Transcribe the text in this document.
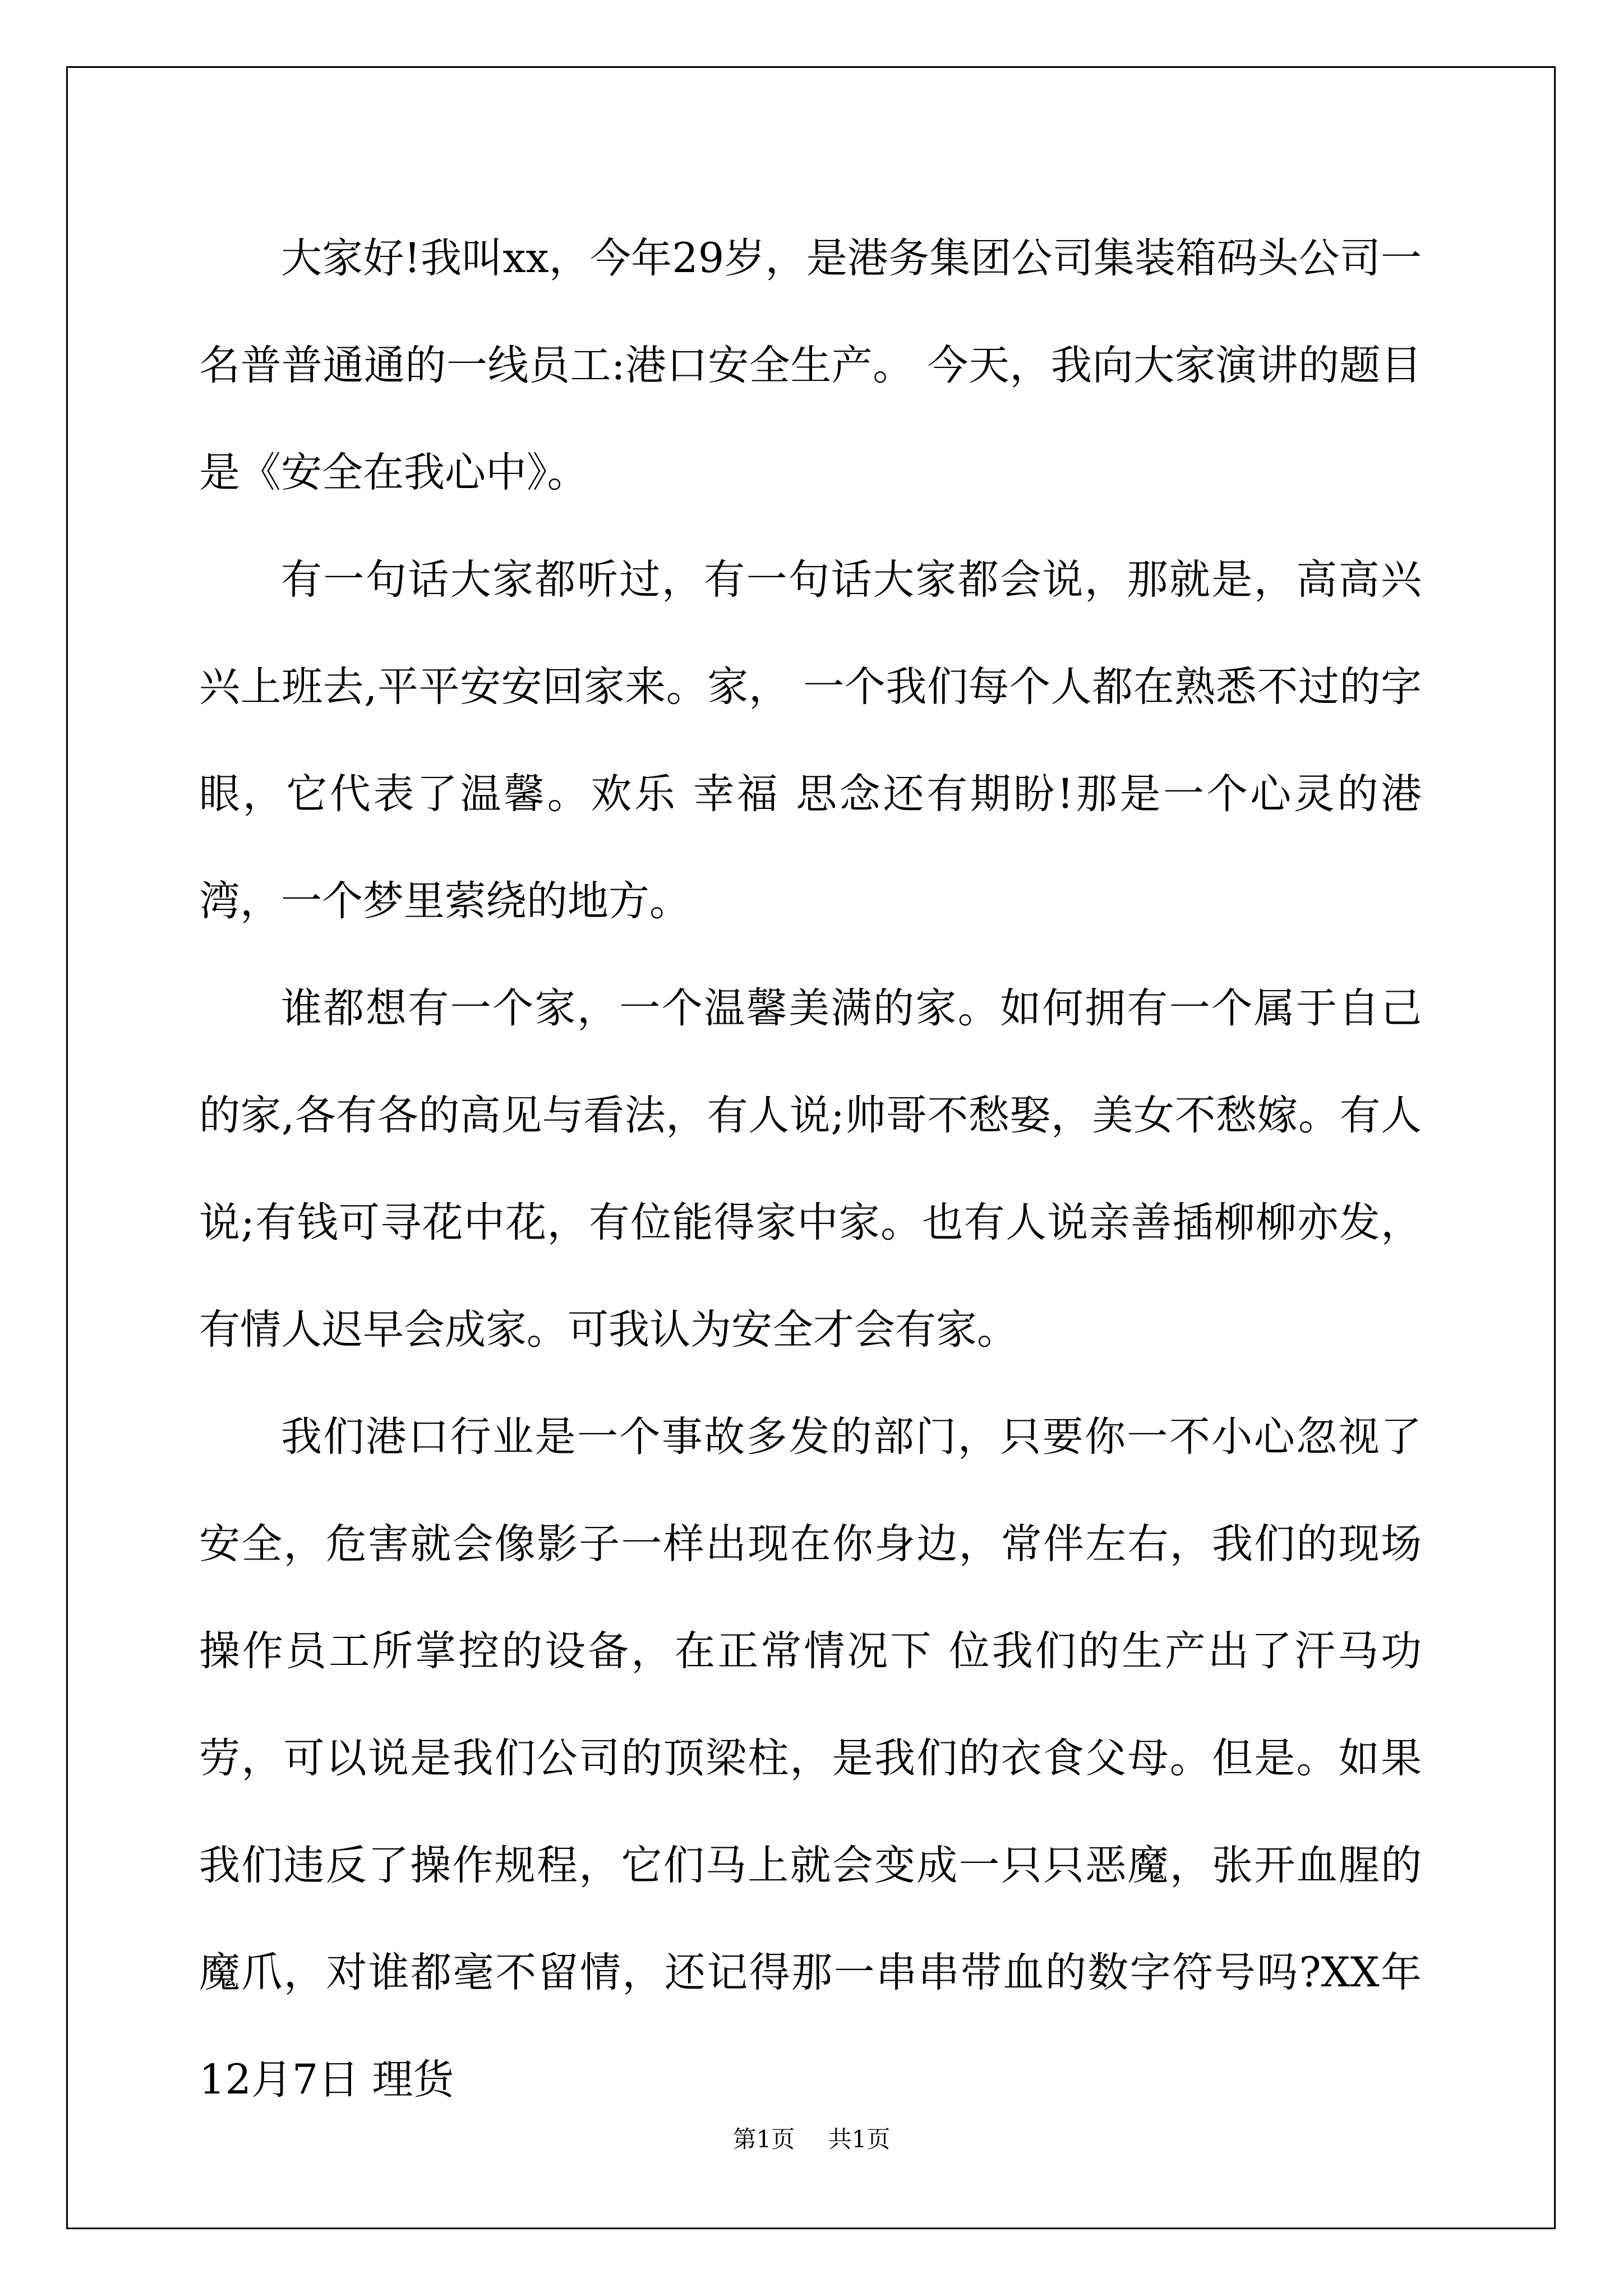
大家好!我叫xx，今年29岁，是港务集团公司集装箱码头公司一名普普通通的一线员工:港口安全生产。 今天，我向大家演讲的题目是《安全在我心中》。

有一句话大家都听过，有一句话大家都会说，那就是，高高兴兴上班去,平平安安回家来。家， 一个我们每个人都在熟悉不过的字眼，它代表了温馨。欢乐 幸福 思念还有期盼!那是一个心灵的港湾，一个梦里萦绕的地方。

谁都想有一个家，一个温馨美满的家。如何拥有一个属于自己的家,各有各的高见与看法，有人说;帅哥不愁娶，美女不愁嫁。有人说;有钱可寻花中花，有位能得家中家。也有人说亲善插柳柳亦发，有情人迟早会成家。可我认为安全才会有家。

我们港口行业是一个事故多发的部门，只要你一不小心忽视了安全，危害就会像影子一样出现在你身边，常伴左右，我们的现场操作员工所掌控的设备，在正常情况下 位我们的生产出了汗马功劳，可以说是我们公司的顶梁柱，是我们的衣食父母。但是。如果我们违反了操作规程，它们马上就会变成一只只恶魔，张开血腥的魔爪，对谁都毫不留情，还记得那一串串带血的数字符号吗?XX年12月7日 理货

第1页 共1页
